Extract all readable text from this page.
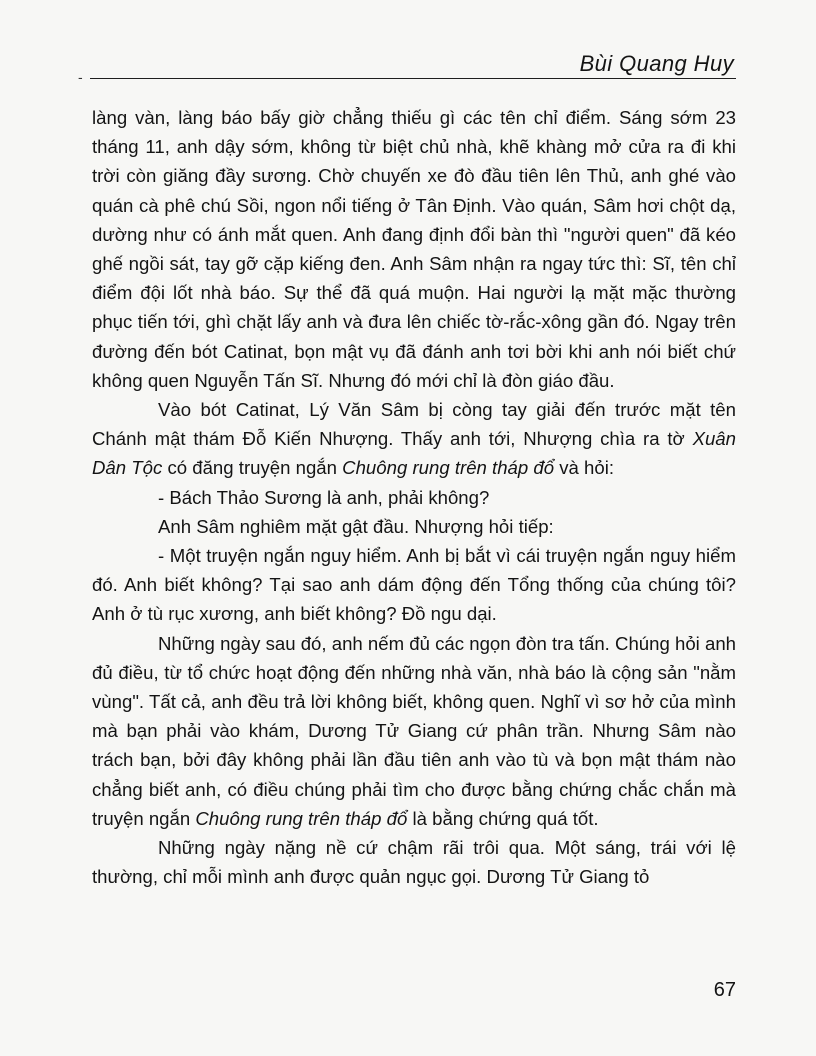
-
Bùi Quang Huy

làng vàn, làng báo bấy giờ chẳng thiếu gì các tên chỉ điểm. Sáng sớm 23 tháng 11, anh dậy sớm, không từ biệt chủ nhà, khẽ khàng mở cửa ra đi khi trời còn giăng đầy sương. Chờ chuyến xe đò đầu tiên lên Thủ, anh ghé vào quán cà phê chú Sồi, ngon nổi tiếng ở Tân Định. Vào quán, Sâm hơi chột dạ, dường như có ánh mắt quen. Anh đang định đổi bàn thì "người quen" đã kéo ghế ngồi sát, tay gỡ cặp kiếng đen. Anh Sâm nhận ra ngay tức thì: Sĩ, tên chỉ điểm đội lốt nhà báo. Sự thể đã quá muộn. Hai người lạ mặt mặc thường phục tiến tới, ghì chặt lấy anh và đưa lên chiếc tờ-rắc-xông gần đó. Ngay trên đường đến bót Catinat, bọn mật vụ đã đánh anh tơi bời khi anh nói biết chứ không quen Nguyễn Tấn Sĩ. Nhưng đó mới chỉ là đòn giáo đầu.

Vào bót Catinat, Lý Văn Sâm bị còng tay giải đến trước mặt tên Chánh mật thám Đỗ Kiến Nhượng. Thấy anh tới, Nhượng chìa ra tờ Xuân Dân Tộc có đăng truyện ngắn Chuông rung trên tháp đổ và hỏi:

- Bách Thảo Sương là anh, phải không?

Anh Sâm nghiêm mặt gật đầu. Nhượng hỏi tiếp:

- Một truyện ngắn nguy hiểm. Anh bị bắt vì cái truyện ngắn nguy hiểm đó. Anh biết không? Tại sao anh dám động đến Tổng thống của chúng tôi? Anh ở tù rục xương, anh biết không? Đồ ngu dại.

Những ngày sau đó, anh nếm đủ các ngọn đòn tra tấn. Chúng hỏi anh đủ điều, từ tổ chức hoạt động đến những nhà văn, nhà báo là cộng sản "nằm vùng". Tất cả, anh đều trả lời không biết, không quen. Nghĩ vì sơ hở của mình mà bạn phải vào khám, Dương Tử Giang cứ phân trần. Nhưng Sâm nào trách bạn, bởi đây không phải lần đầu tiên anh vào tù và bọn mật thám nào chẳng biết anh, có điều chúng phải tìm cho được bằng chứng chắc chắn mà truyện ngắn Chuông rung trên tháp đổ là bằng chứng quá tốt.

Những ngày nặng nề cứ chậm rãi trôi qua. Một sáng, trái với lệ thường, chỉ mỗi mình anh được quản ngục gọi. Dương Tử Giang tỏ

67
